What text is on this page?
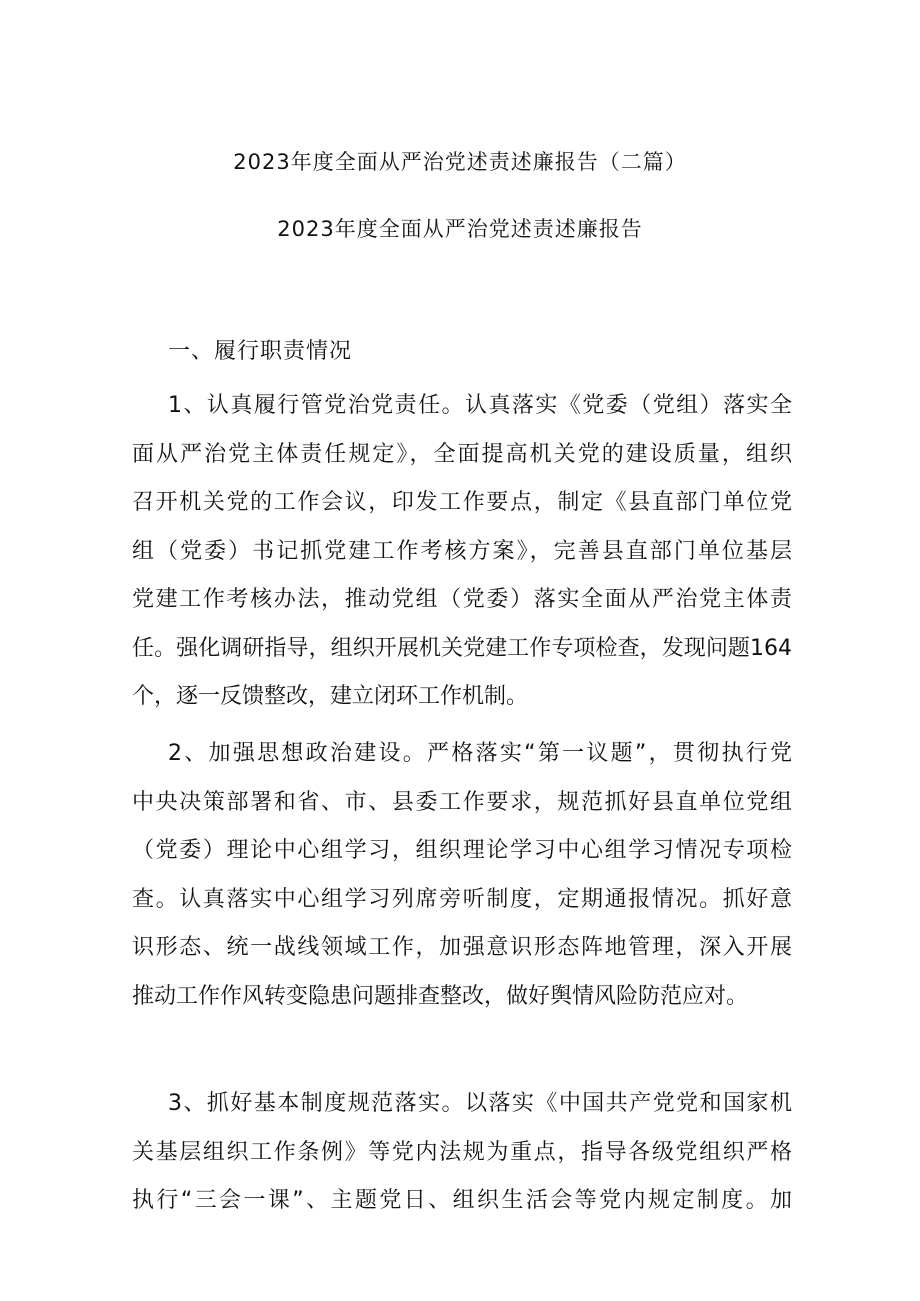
2023年度全面从严治党述责述廉报告（二篇）
2023年度全面从严治党述责述廉报告
一、履行职责情况
1、认真履行管党治党责任。认真落实《党委（党组）落实全
面从严治党主体责任规定》，全面提高机关党的建设质量，组织
召开机关党的工作会议，印发工作要点，制定《县直部门单位党
组（党委）书记抓党建工作考核方案》，完善县直部门单位基层
党建工作考核办法，推动党组（党委）落实全面从严治党主体责
任。强化调研指导，组织开展机关党建工作专项检查，发现问题164
个，逐一反馈整改，建立闭环工作机制。
2、加强思想政治建设。严格落实“第一议题”，贯彻执行党
中央决策部署和省、市、县委工作要求，规范抓好县直单位党组
（党委）理论中心组学习，组织理论学习中心组学习情况专项检
查。认真落实中心组学习列席旁听制度，定期通报情况。抓好意
识形态、统一战线领域工作，加强意识形态阵地管理，深入开展
推动工作作风转变隐患问题排查整改，做好舆情风险防范应对。
3、抓好基本制度规范落实。以落实《中国共产党党和国家机
关基层组织工作条例》等党内法规为重点，指导各级党组织严格
执行“三会一课”、主题党日、组织生活会等党内规定制度。加
